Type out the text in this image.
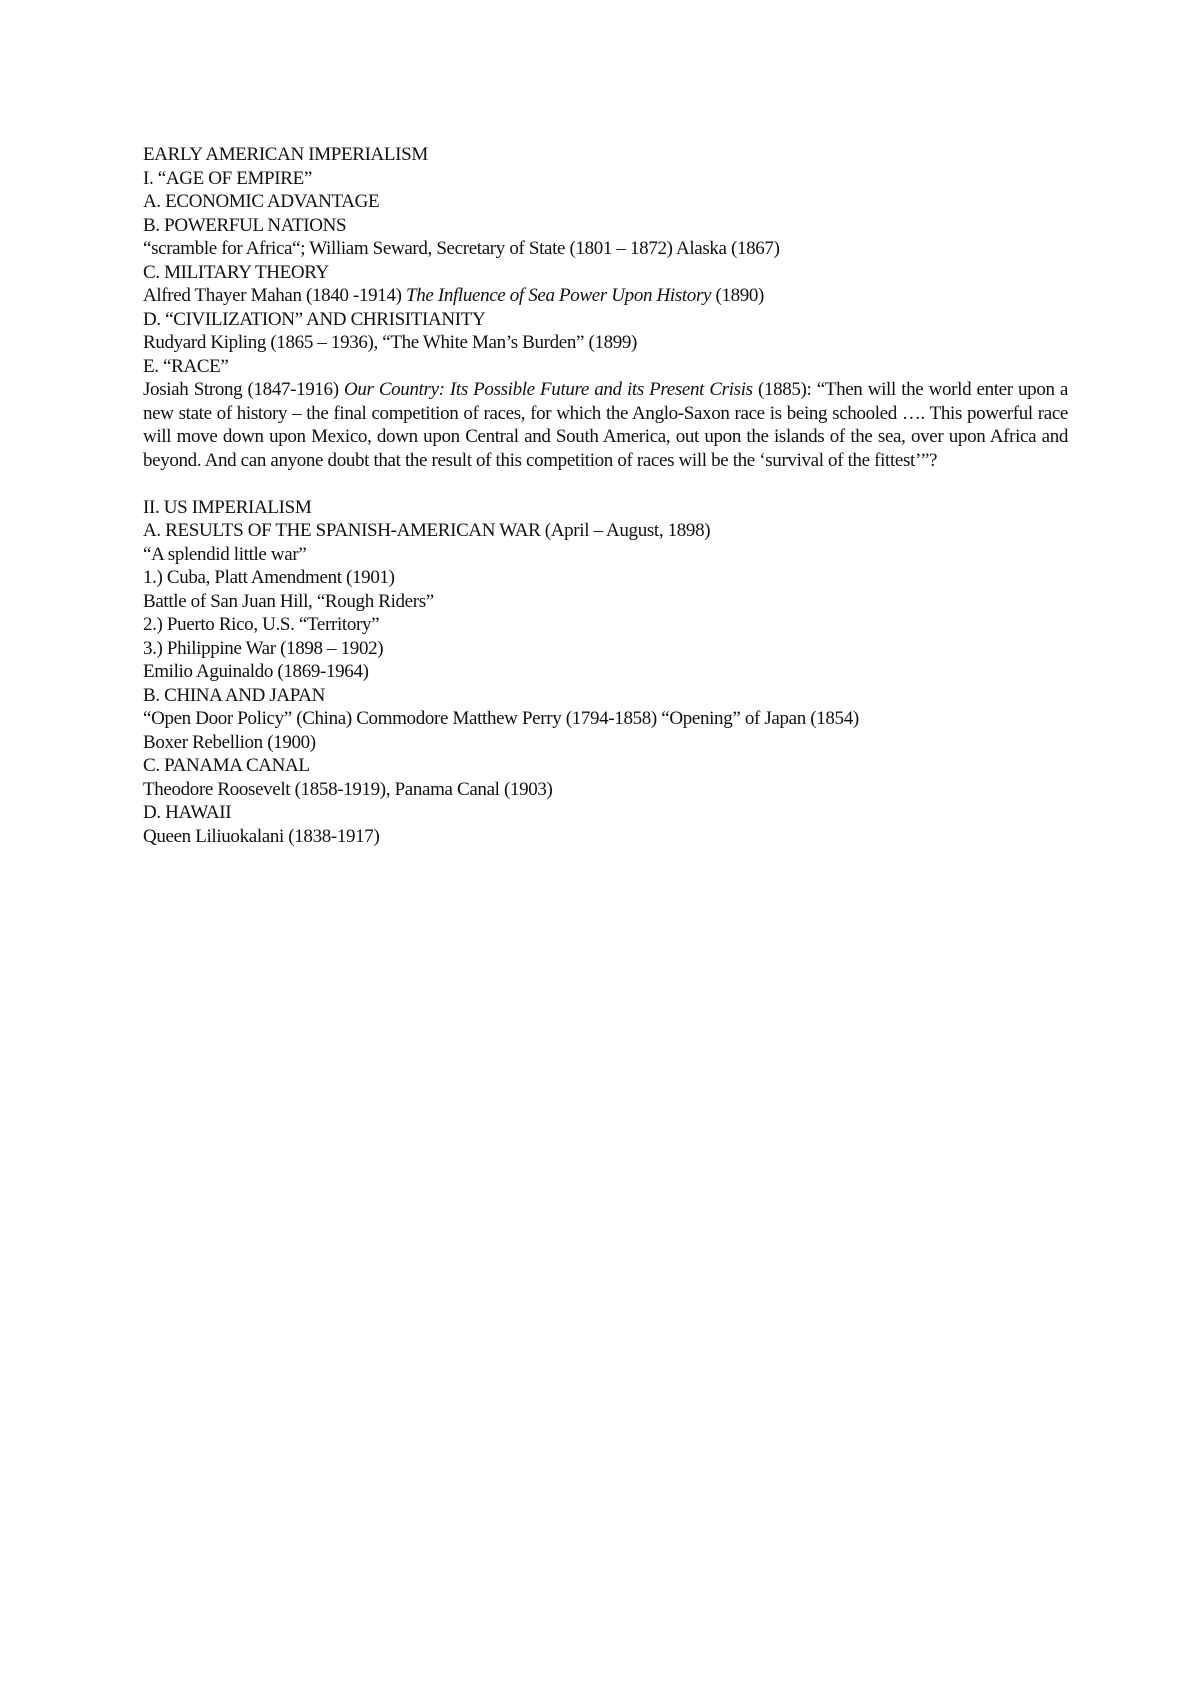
EARLY AMERICAN IMPERIALISM
I. “AGE OF EMPIRE”
A. ECONOMIC ADVANTAGE
B. POWERFUL NATIONS
“scramble for Africa“; William Seward, Secretary of State (1801 – 1872) Alaska (1867)
C. MILITARY THEORY
Alfred Thayer Mahan (1840 -1914) The Influence of Sea Power Upon History (1890)
D. “CIVILIZATION” AND CHRISITIANITY
Rudyard Kipling (1865 – 1936), “The White Man’s Burden” (1899)
E. “RACE”
Josiah Strong (1847-1916) Our Country: Its Possible Future and its Present Crisis (1885): “Then will the world enter upon a new state of history – the final competition of races, for which the Anglo-Saxon race is being schooled …. This powerful race will move down upon Mexico, down upon Central and South America, out upon the islands of the sea, over upon Africa and beyond. And can anyone doubt that the result of this competition of races will be the ‘survival of the fittest’”?
II. US IMPERIALISM
A. RESULTS OF THE SPANISH-AMERICAN WAR (April – August, 1898)
“A splendid little war”
1.) Cuba, Platt Amendment (1901)
Battle of San Juan Hill, “Rough Riders”
2.) Puerto Rico, U.S. “Territory”
3.) Philippine War (1898 – 1902)
Emilio Aguinaldo (1869-1964)
B. CHINA AND JAPAN
“Open Door Policy” (China) Commodore Matthew Perry (1794-1858) “Opening” of Japan (1854)
Boxer Rebellion (1900)
C. PANAMA CANAL
Theodore Roosevelt (1858-1919), Panama Canal (1903)
D. HAWAII
Queen Liliuokalani (1838-1917)
